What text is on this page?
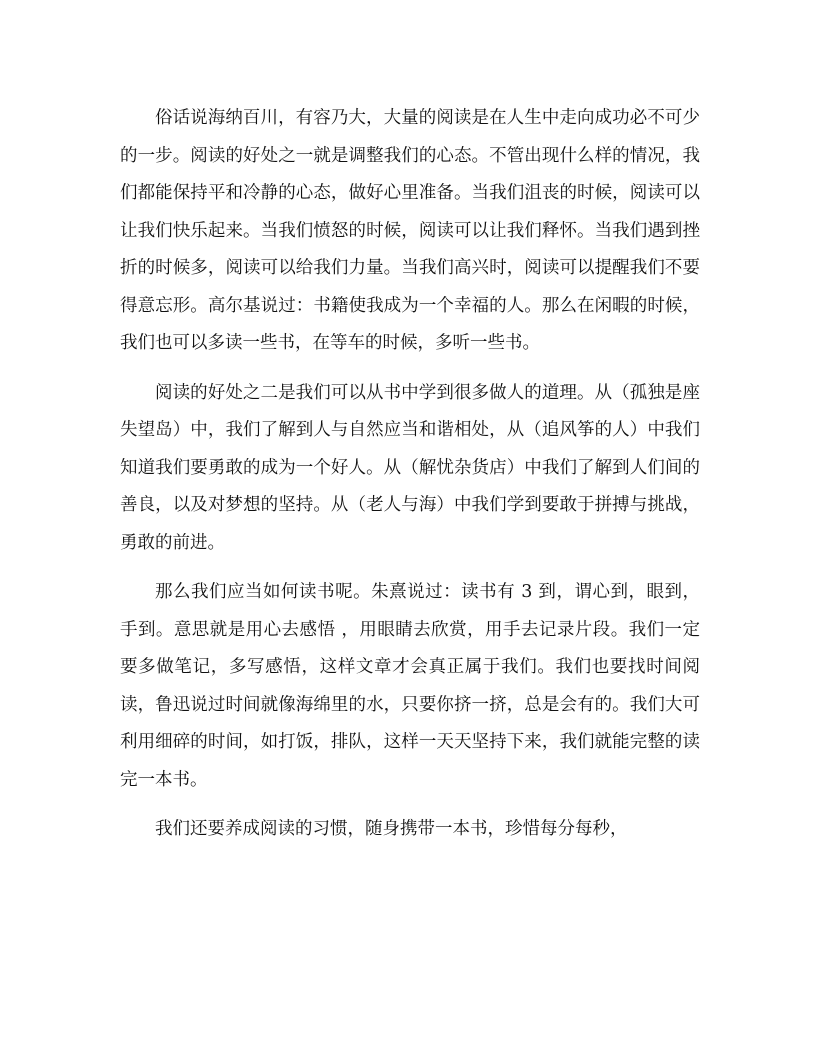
俗话说海纳百川，有容乃大，大量的阅读是在人生中走向成功必不可少的一步。阅读的好处之一就是调整我们的心态。不管出现什么样的情况，我们都能保持平和冷静的心态，做好心里准备。当我们沮丧的时候，阅读可以让我们快乐起来。当我们愤怒的时候，阅读可以让我们释怀。当我们遇到挫折的时候多，阅读可以给我们力量。当我们高兴时，阅读可以提醒我们不要得意忘形。高尔基说过：书籍使我成为一个幸福的人。那么在闲暇的时候，我们也可以多读一些书，在等车的时候，多听一些书。

阅读的好处之二是我们可以从书中学到很多做人的道理。从（孤独是座失望岛）中，我们了解到人与自然应当和谐相处，从（追风筝的人）中我们知道我们要勇敢的成为一个好人。从（解忧杂货店）中我们了解到人们间的善良，以及对梦想的坚持。从（老人与海）中我们学到要敢于拼搏与挑战，勇敢的前进。

那么我们应当如何读书呢。朱熹说过：读书有 3 到，谓心到，眼到，手到。意思就是用心去感悟 ，用眼睛去欣赏，用手去记录片段。我们一定要多做笔记，多写感悟，这样文章才会真正属于我们。我们也要找时间阅读，鲁迅说过时间就像海绵里的水，只要你挤一挤，总是会有的。我们大可利用细碎的时间，如打饭，排队，这样一天天坚持下来，我们就能完整的读完一本书。

我们还要养成阅读的习惯，随身携带一本书，珍惜每分每秒，
